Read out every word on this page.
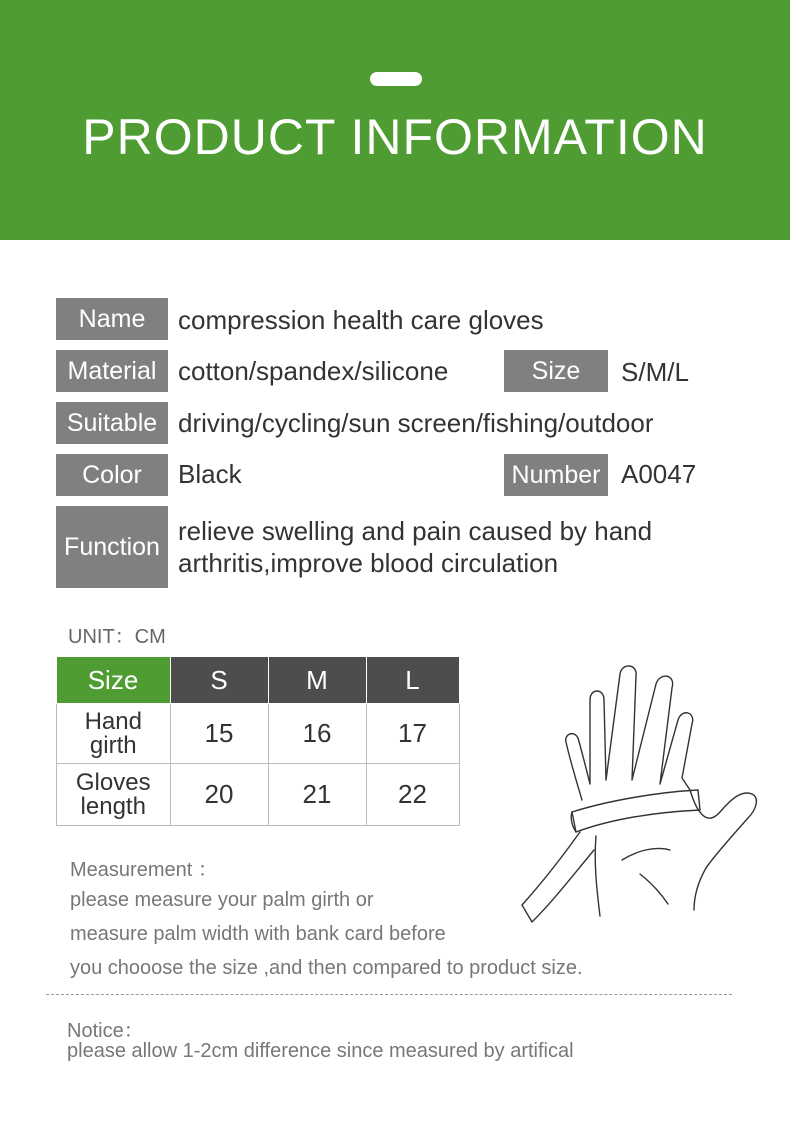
PRODUCT INFORMATION
Name	compression health care gloves
Material cotton/spandex/silicone	Size	S/M/L
Suitable driving/cycling/sun screen/fishing/outdoor
Color	Black	Number A0047
Function
relieve swelling and pain caused by hand
arthritis,improve blood circulation
UNIT：CM
Size	S	M	L

Hand
girth	15	16	17

Gloves
length	20	21	22
Measurement ：
please measure your palm girth or
measure palm width with bank card before
you chooose the size ,and then compared to product size.
Notice：
please allow 1-2cm difference since measured by artifical
